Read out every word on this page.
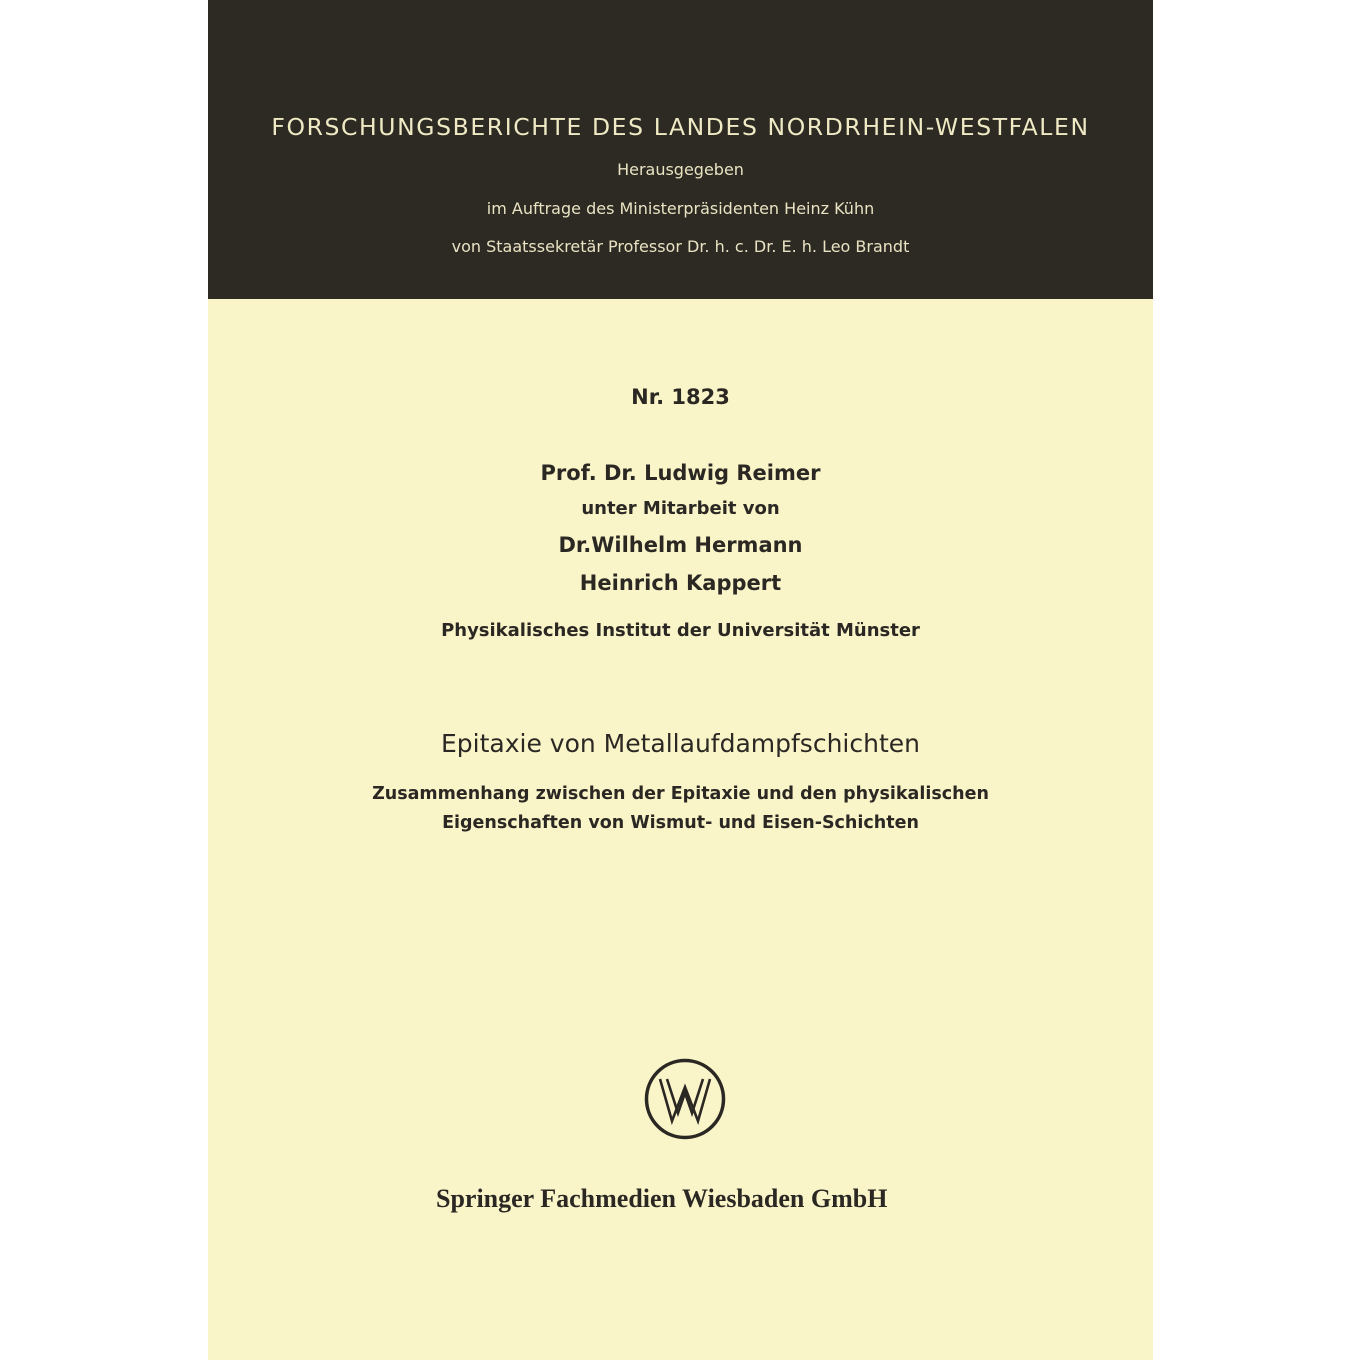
FORSCHUNGSBERICHTE DES LANDES NORDRHEIN-WESTFALEN
Herausgegeben
im Auftrage des Ministerpräsidenten Heinz Kühn
von Staatssekretär Professor Dr. h. c. Dr. E. h. Leo Brandt
Nr. 1823
Prof. Dr. Ludwig Reimer
unter Mitarbeit von
Dr.Wilhelm Hermann
Heinrich Kappert
Physikalisches Institut der Universität Münster
Epitaxie von Metallaufdampfschichten
Zusammenhang zwischen der Epitaxie und den physikalischen
Eigenschaften von Wismut- und Eisen-Schichten
Springer Fachmedien Wiesbaden GmbH
